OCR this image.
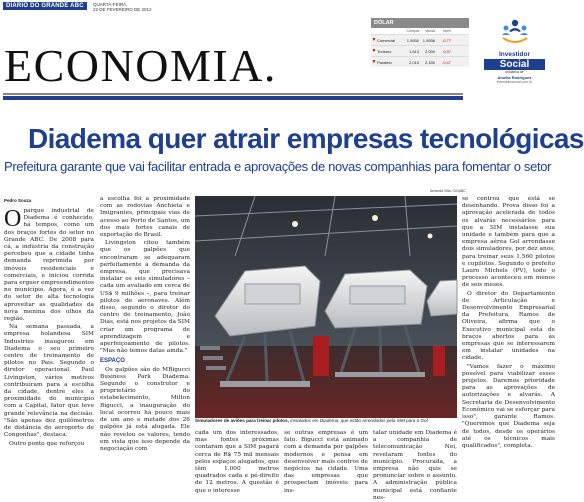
DIÁRIO DO GRANDE ABC	QUARTA-FEIRA,
22 DE FEVEREIRO DE 2012
ECONOMIA.
DÓLAR
Compra	Venda	Var%
▼ Comercial	1,9930 1,9936	-0,77
▼ Turismo	1,813	2,090	0,97
▼ Paralelo	2,010	2,150	-0,47
Investidor
Social
iniciativa de
Amélia Rodrigues
investidorsocial.com.br
Diadema quer atrair empresas tecnológicas
Prefeitura garante que vai facilitar entrada e aprovações de novas companhias para fomentar o setor
Amanda Villa / DGABC
Pedro Souza

Oparque industrial de Diadema é conhecido, há tempos, como um dos braços fortes do setor no Grande ABC. De 2008 para cá, a indústria da construção percebeu que a cidade tinha demanda reprimida por imóveis residenciais e comerciais, e iniciou corrida para erguer empreendimentos no município. Agora, é a vez do setor de alta tecnologia aproveitar as qualidades da nova menina dos olhos da região.

Na semana passada, a empresa holandesa SIM Industries inaugurou em Diadema o seu primeiro centro de treinamento de pilotos no País. Segundo o diretor operacional, Paul Livingston, vários motivos contribuíram para a escolha da cidade, dentre eles a proximidade do município com a Capital, fator que teve grande relevância na decisão. "São apenas dez quilômetros de distância do aeroporto de Congonhas", destaca.

Outro ponto que reforçou

a escolha foi a proximidade com as rodovias Anchieta e Imigrantes, principais vias de acesso ao Porto de Santos, um dos mais fortes canais de exportação do Brasil.

Livingston citou também que os galpões que encontraram se adequaram perfeitamente à demanda da empresa, que precisava instalar os seis simuladores – cada um avaliado em cerca de US$ 9 milhões –, para treinar pilotos de aeronaves. Além disso, segundo o diretor do centro de treinamento, João Dias, está nos projetos da SIM criar um programa de aprendizagem e aperfeiçoamento de pilotos. "Mas não temos datas ainda."

ESPAÇO

Os galpões são do MBigucci Business Park Diadema. Segundo o construtor e proprietário do estabelecimento, Milton Bigucci, a inauguração do local ocorreu há pouco mais de um ano e metade dos 26 galpões já está alugada. Ele não revelou os valores, tendo em vista que isso depende da negociação com

Simuladores de aviões para treinar pilotos, instalados em Diadema, que estão arrendados pela SIM para a Gol

cada um dos interessados, mas fontes próximas contaram que a SIM pagará cerca de R$ 75 mil mensais pelos espaços alugados, que têm 1.000 metros quadrados cada e pé-direito de 12 metros. A questão é que o interesse

se outras empresas é um fato. Bigucci está animado com a demanda por galpões modernos e pensa em desenvolver mais centros de negócios na cidade. Uma das empresas que prospectam imóveis para ins-

talar unidade em Diadema é a companhia de telecomunicação Nei, revelaram fontes do município. Procurada, a empresa não quis se pronunciar sobre o assunto. A administração pública municipal está confiante nes-

se centrou que está se desenhando. Prova disso foi a aprovação acelerada de todos os alvarás necessários para que a SIM instalasse sua unidade e também para que a empresa aérea Gol arrendasse dois simuladores, por dez anos, para treinar seus 1.560 pilotos e copilotos. Segundo o prefeito Lauro Michels (PV), todo o processo aconteceu em menos de seis meses.

O diretor do Departamento de Articulação e Desenvolvimento Empresarial da Prefeitura, Ramos de Oliveira, afirma que o Executivo municipal está de braços abertos para as empresas que se interessarem em instalar unidades na cidade.

"Vamos fazer o máximo possível para viabilizar esses projetos. Daremos prioridade para as aprovações de autorizações e alvarás. A Secretaria de Desenvolvimento Econômico vai se esforçar para isso", garante Ramos. "Queremos que Diadema seja de todos, desde os operários até os técnicos mais qualificados", completa.
